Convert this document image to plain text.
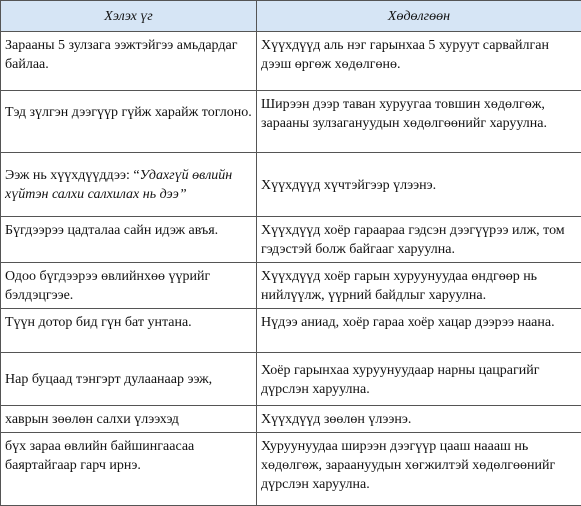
Хэлэх үг	Хөдөлгөөн
Зарааны 5 зулзага ээжтэйгээ амьдардаг байлаа.	Хүүхдүүд аль нэг гарынхаа 5 хуруут сарвайлган дээш өргөж хөдөлгөнө.
Тэд зүлгэн дээгүүр гүйж харайж тоглоно.	Ширээн дээр таван хуруугаа товшин хөдөлгөж, зарааны зулзагануудын хөдөлгөөнийг харуулна.
Ээж нь хүүхдүүддээ: “Удахгүй өвлийн хүйтэн салхи салхилах нь дээ”	Хүүхдүүд хүчтэйгээр үлээнэ.
Бүгдээрээ цадталаа сайн идэж авъя.	Хүүхдүүд хоёр гараараа гэдсэн дээгүүрээ илж, том гэдэстэй болж байгааг харуулна.
Одоо бүгдээрээ өвлийнхөө үүрийг бэлдэцгээе.	Хүүхдүүд хоёр гарын хуруунуудаа өндгөөр нь нийлүүлж, үүрний байдлыг харуулна.
Түүн дотор бид гүн бат унтана.	Нүдээ аниад, хоёр гараа хоёр хацар дээрээ наана.
Нар буцаад тэнгэрт дулаанаар ээж,	Хоёр гарынхаа хуруунуудаар нарны цацрагийг дүрслэн харуулна.
хаврын зөөлөн салхи үлээхэд	Хүүхдүүд зөөлөн үлээнэ.
бүх зараа өвлийн байшингаасаа баяртайгаар гарч ирнэ.	Хуруунуудаа ширээн дээгүүр цааш наааш нь хөдөлгөж, зарaануудын хөгжилтэй хөдөлгөөнийг дүрслэн харуулна.
